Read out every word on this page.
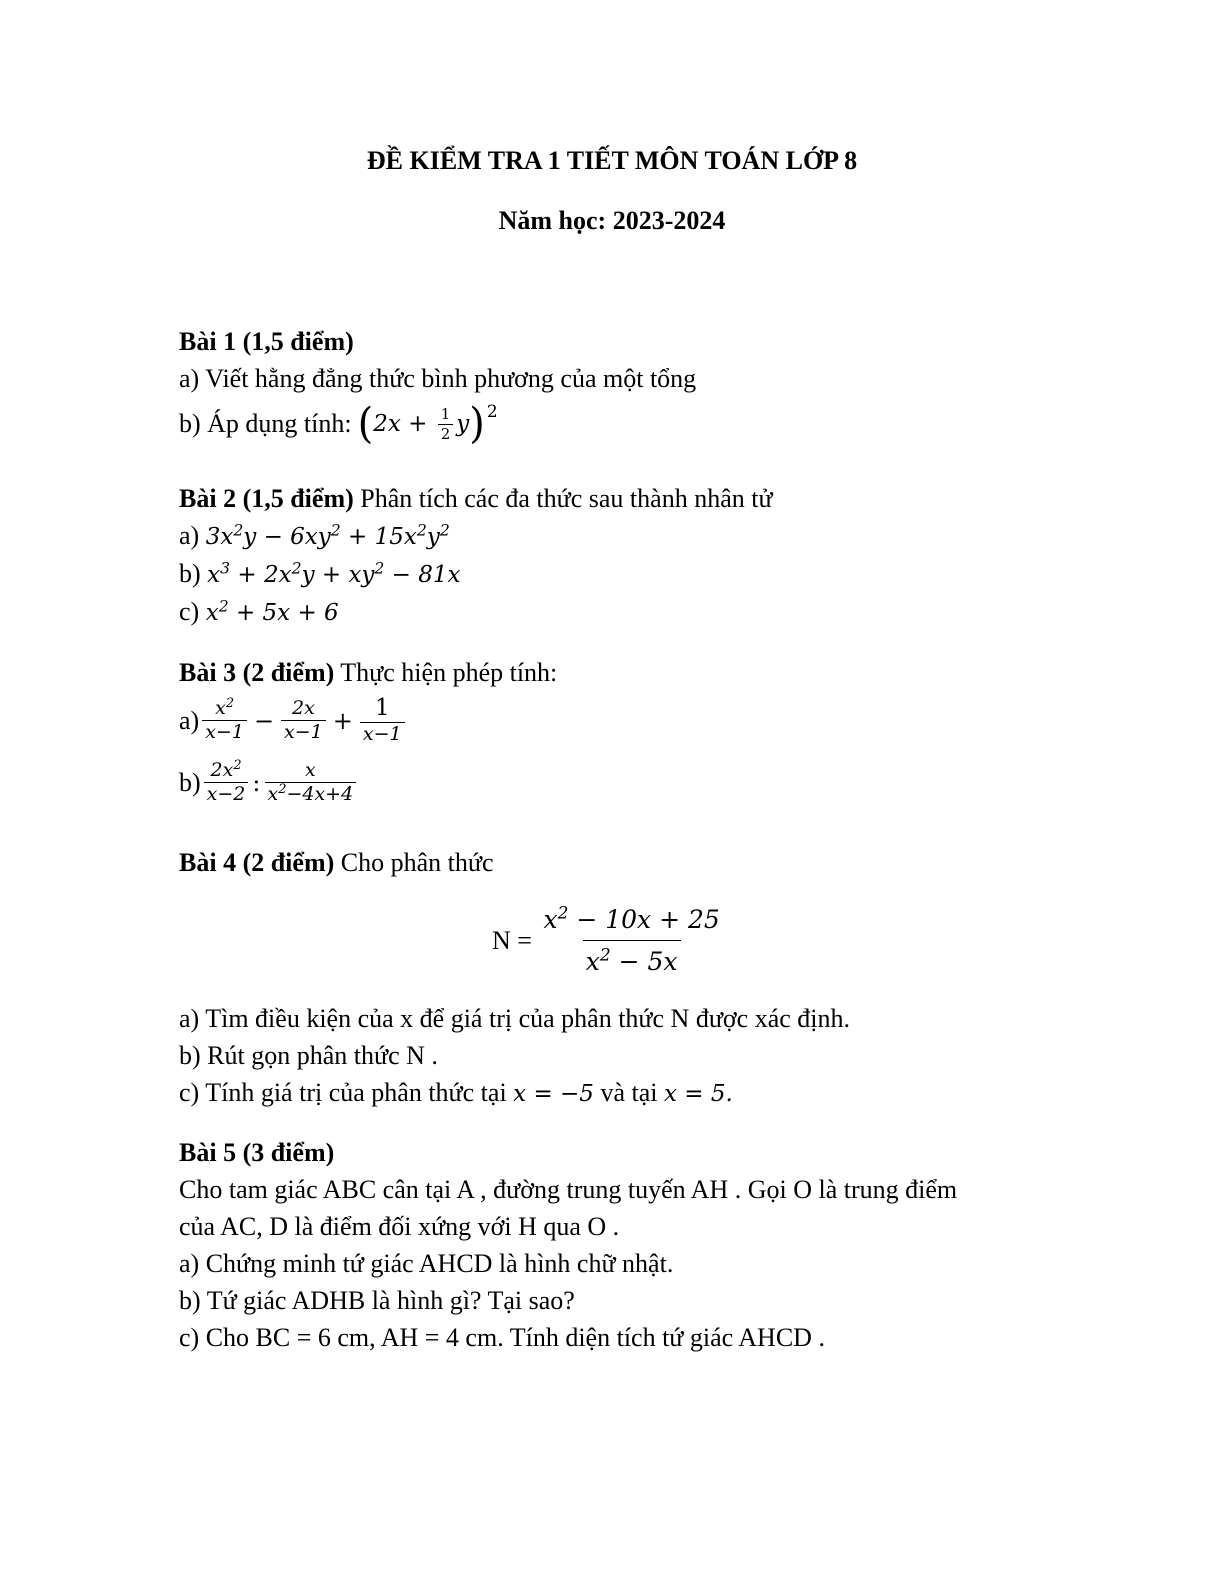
ĐỀ KIỂM TRA 1 TIẾT MÔN TOÁN LỚP 8
Năm học: 2023-2024
Bài 1 (1,5 điểm)
a) Viết hằng đẳng thức bình phương của một tổng
b) Áp dụng tính: ( $2x + \frac{1}{2}$ y ) 2
Bài 2 (1,5 điểm) Phân tích các đa thức sau thành nhân tử
a) $3x^2y - 6xy^2 + 15x^2y^2$
b) $x^3 + 2x^2y + xy^2 - 81x$
c) $x^2 + 5x + 6$
Bài 3 (2 điểm) Thực hiện phép tính:
$a) \frac{x^2}{x-1} - \frac{2x}{x-1} + \frac{1}{x-1}$
$b) \frac{2x^2}{x-2}$ : $\frac{x}{x^2-4x+4}$
Bài 4 (2 điểm) Cho phân thức
$N = \frac{x^2 - 10x + 25}{x^2 - 5x}$
a) Tìm điều kiện của x để giá trị của phân thức N được xác định.
b) Rút gọn phân thức N .
c) Tính giá trị của phân thức tại x = −5 và tại x = 5.
Bài 5 (3 điểm)
Cho tam giác ABC cân tại A , đường trung tuyến AH . Gọi O là trung điểm
của AC, D là điểm đối xứng với H qua O .
a) Chứng minh tứ giác AHCD là hình chữ nhật.
b) Tứ giác ADHB là hình gì? Tại sao?
c) Cho BC = 6 cm, AH = 4 cm. Tính diện tích tứ giác AHCD .
